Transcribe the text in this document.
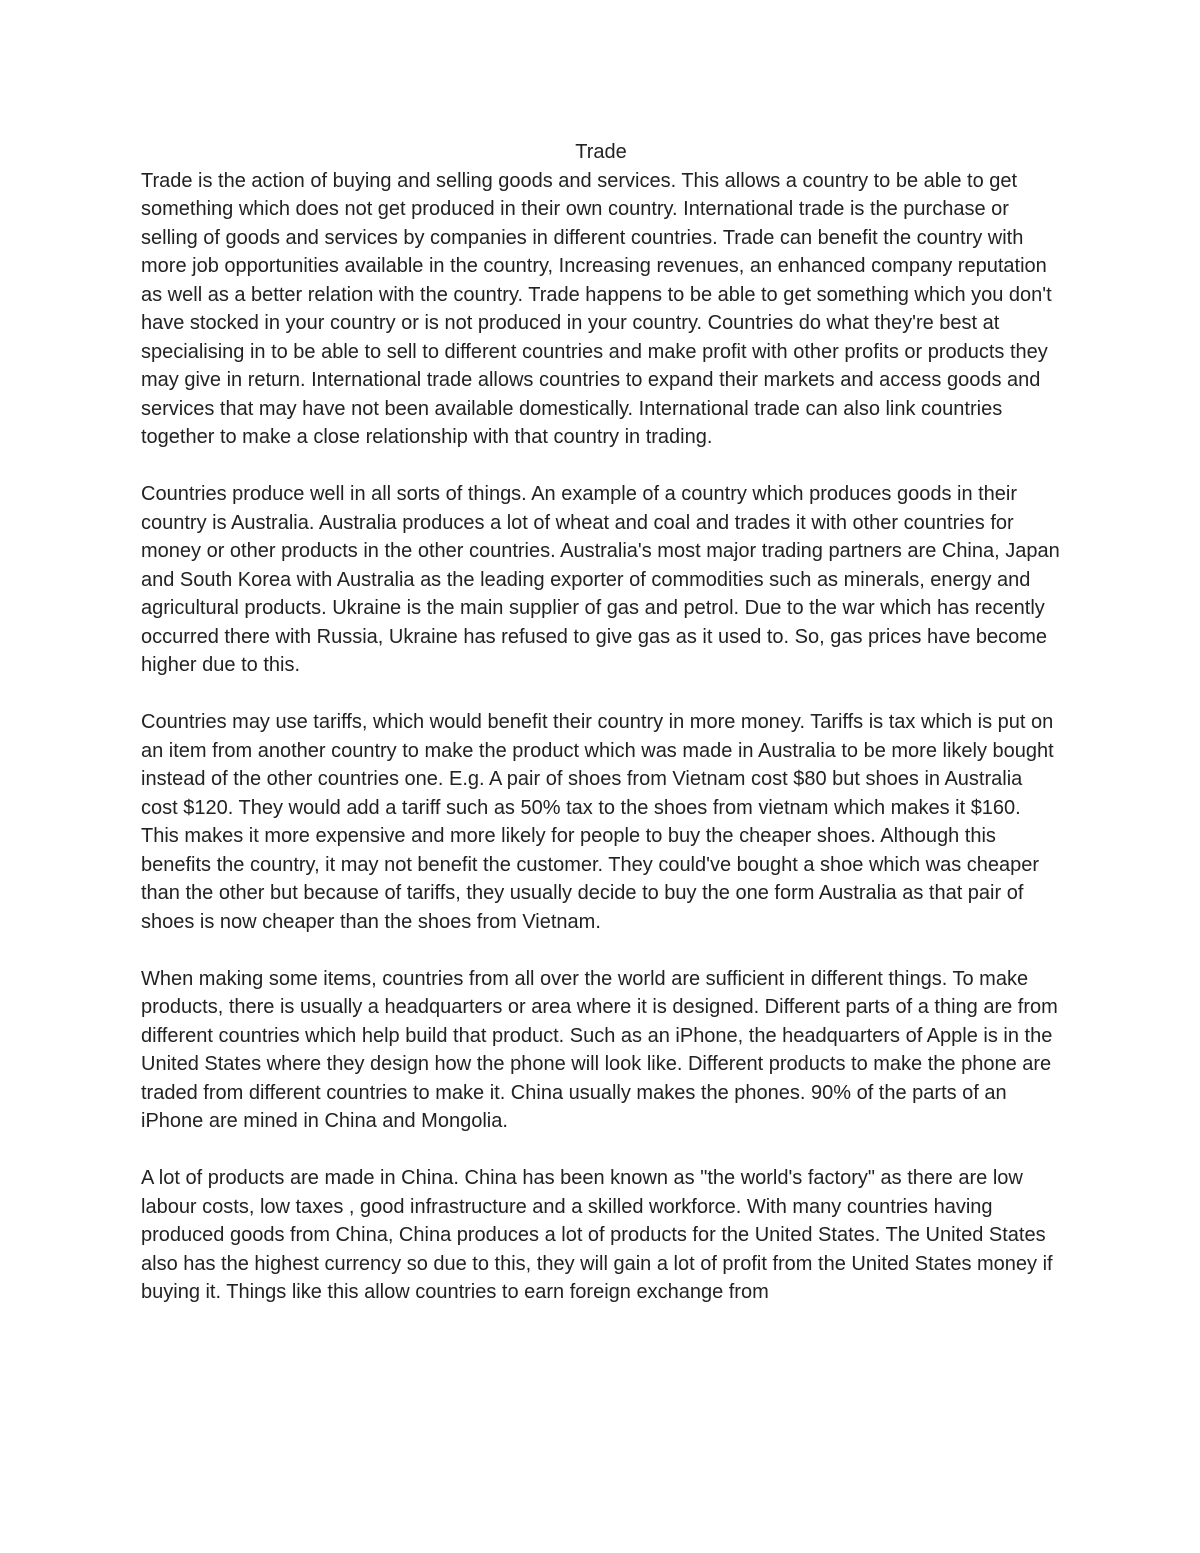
Trade

Trade is the action of buying and selling goods and services. This allows a country to be able to get something which does not get produced in their own country. International trade is the purchase or selling of goods and services by companies in different countries. Trade can benefit the country with more job opportunities available in the country, Increasing revenues, an enhanced company reputation as well as a better relation with the country. Trade happens to be able to get something which you don't have stocked in your country or is not produced in your country. Countries do what they're best at specialising in to be able to sell to different countries and make profit with other profits or products they may give in return. International trade allows countries to expand their markets and access goods and services that may have not been available domestically. International trade can also link countries together to make a close relationship with that country in trading.

Countries produce well in all sorts of things. An example of a country which produces goods in their country is Australia. Australia produces a lot of wheat and coal and trades it with other countries for money or other products in the other countries. Australia's most major trading partners are China, Japan and South Korea with Australia as the leading exporter of commodities such as minerals, energy and agricultural products. Ukraine is the main supplier of gas and petrol. Due to the war which has recently occurred there with Russia, Ukraine has refused to give gas as it used to. So, gas prices have become higher due to this.

Countries may use tariffs, which would benefit their country in more money. Tariffs is tax which is put on an item from another country to make the product which was made in Australia to be more likely bought instead of the other countries one. E.g. A pair of shoes from Vietnam cost $80 but shoes in Australia cost $120. They would add a tariff such as 50% tax to the shoes from vietnam which makes it $160. This makes it more expensive and more likely for people to buy the cheaper shoes. Although this benefits the country, it may not benefit the customer. They could've bought a shoe which was cheaper than the other but because of tariffs, they usually decide to buy the one form Australia as that pair of shoes is now cheaper than the shoes from Vietnam.

When making some items, countries from all over the world are sufficient in different things. To make products, there is usually a headquarters or area where it is designed. Different parts of a thing are from different countries which help build that product. Such as an iPhone, the headquarters of Apple is in the United States where they design how the phone will look like. Different products to make the phone are traded from different countries to make it. China usually makes the phones. 90% of the parts of an iPhone are mined in China and Mongolia.

A lot of products are made in China. China has been known as "the world's factory" as there are low labour costs, low taxes , good infrastructure and a skilled workforce. With many countries having produced goods from China, China produces a lot of products for the United States. The United States also has the highest currency so due to this, they will gain a lot of profit from the United States money if buying it. Things like this allow countries to earn foreign exchange from
